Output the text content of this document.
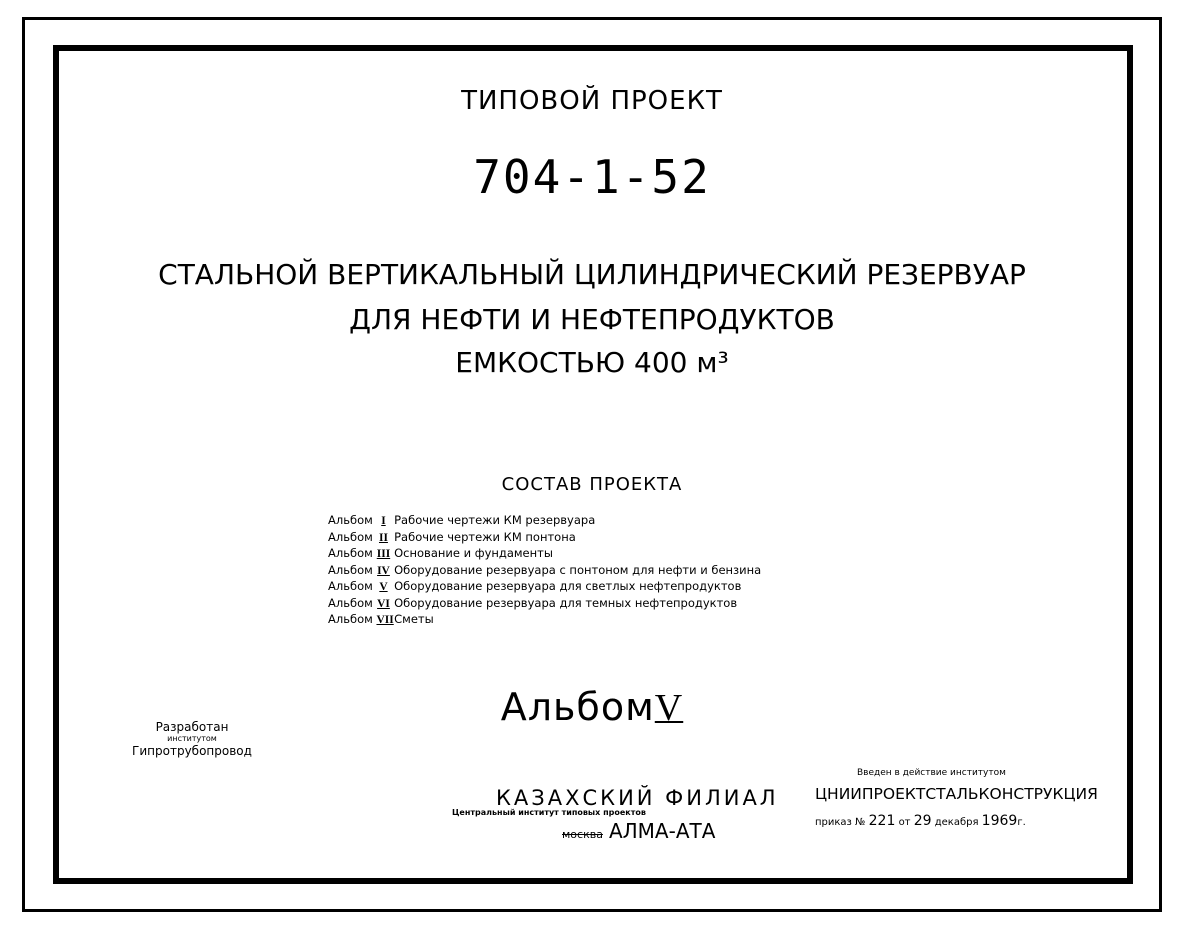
ТИПОВОЙ ПРОЕКТ
704-1-52
СТАЛЬНОЙ ВЕРТИКАЛЬНЫЙ ЦИЛИНДРИЧЕСКИЙ РЕЗЕРВУАР
ДЛЯ НЕФТИ И НЕФТЕПРОДУКТОВ
ЕМКОСТЬЮ 400 м³
СОСТАВ ПРОЕКТА
Альбом I Рабочие чертежи КМ резервуара
Альбом II Рабочие чертежи КМ понтона
Альбом III Основание и фундаменты
Альбом IV Оборудование резервуара с понтоном для нефти и бензина
Альбом V Оборудование резервуара для светлых нефтепродуктов
Альбом VI Оборудование резервуара для темных нефтепродуктов
Альбом VII Сметы
АльбомV
Разработан
институтом
Гипротрубопровод
КАЗАХСКИЙ ФИЛИАЛ
Центральный институт типовых проектов
москва АЛМА-АТА
Введен в действие институтом
ЦНИИПРОЕКТСТАЛЬКОНСТРУКЦИЯ
приказ № 221 от 29 декабря 1969г.
